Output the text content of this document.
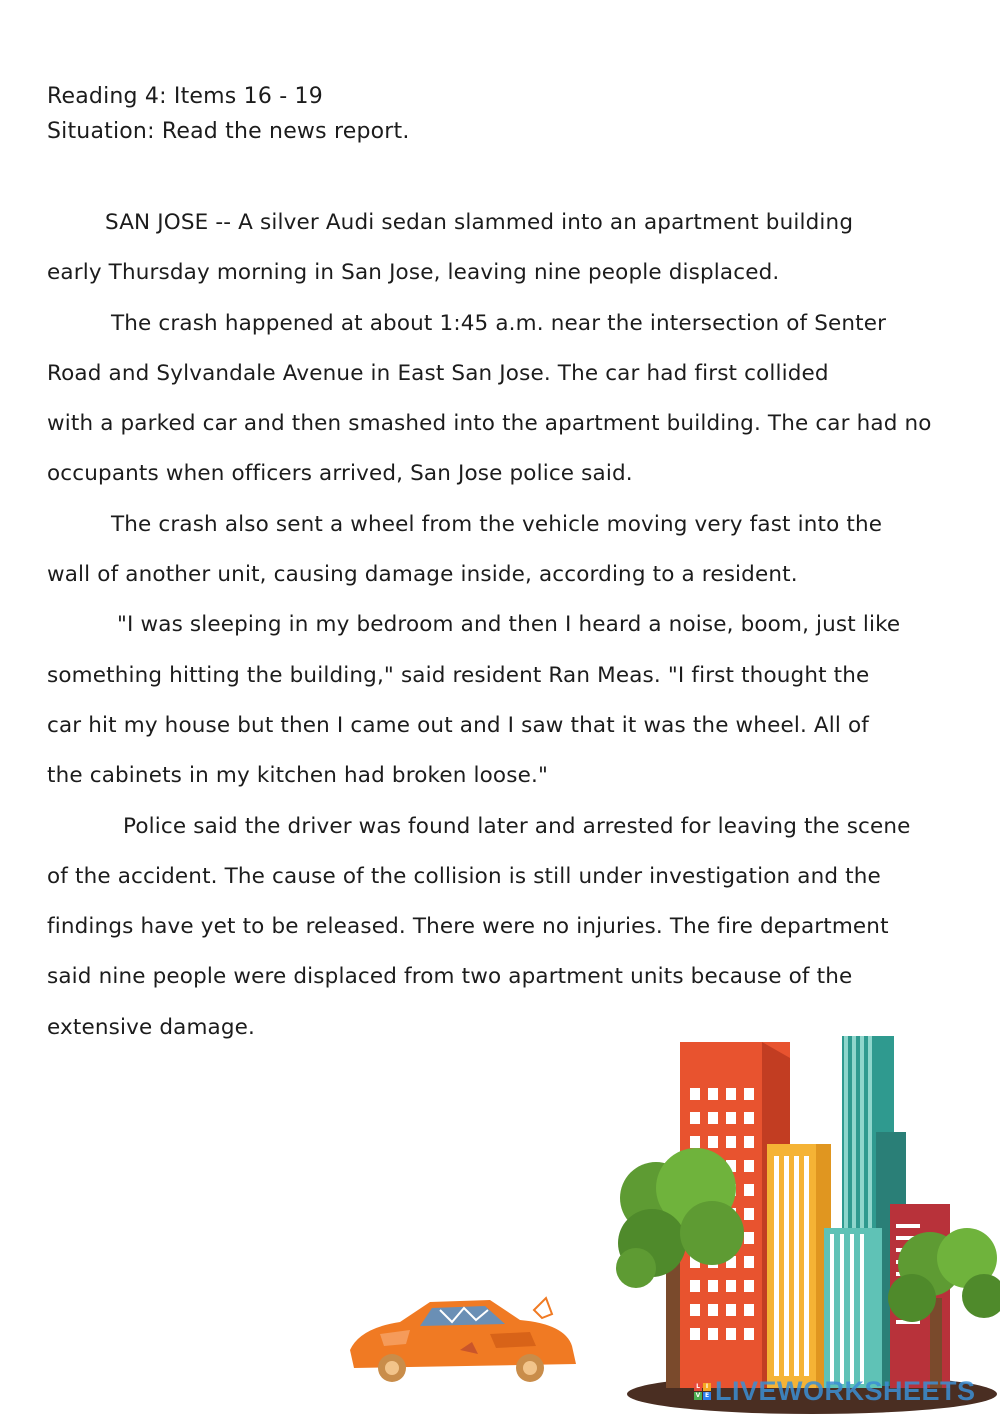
Reading 4: Items 16 - 19
Situation: Read the news report.
SAN JOSE -- A silver Audi sedan slammed into an apartment building
early Thursday morning in San Jose, leaving nine people displaced.
The crash happened at about 1:45 a.m. near the intersection of Senter
Road and Sylvandale Avenue in East San Jose. The car had first collided
with a parked car and then smashed into the apartment building. The car had no
occupants when officers arrived, San Jose police said.
The crash also sent a wheel from the vehicle moving very fast into the
wall of another unit, causing damage inside, according to a resident.
"I was sleeping in my bedroom and then I heard a noise, boom, just like
something hitting the building," said resident Ran Meas. "I first thought the
car hit my house but then I came out and I saw that it was the wheel. All of
the cabinets in my kitchen had broken loose."
Police said the driver was found later and arrested for leaving the scene
of the accident. The cause of the collision is still under investigation and the
findings have yet to be released. There were no injuries. The fire department
said nine people were displaced from two apartment units because of the
extensive damage.
L I
V E LIVEWORKSHEETS
